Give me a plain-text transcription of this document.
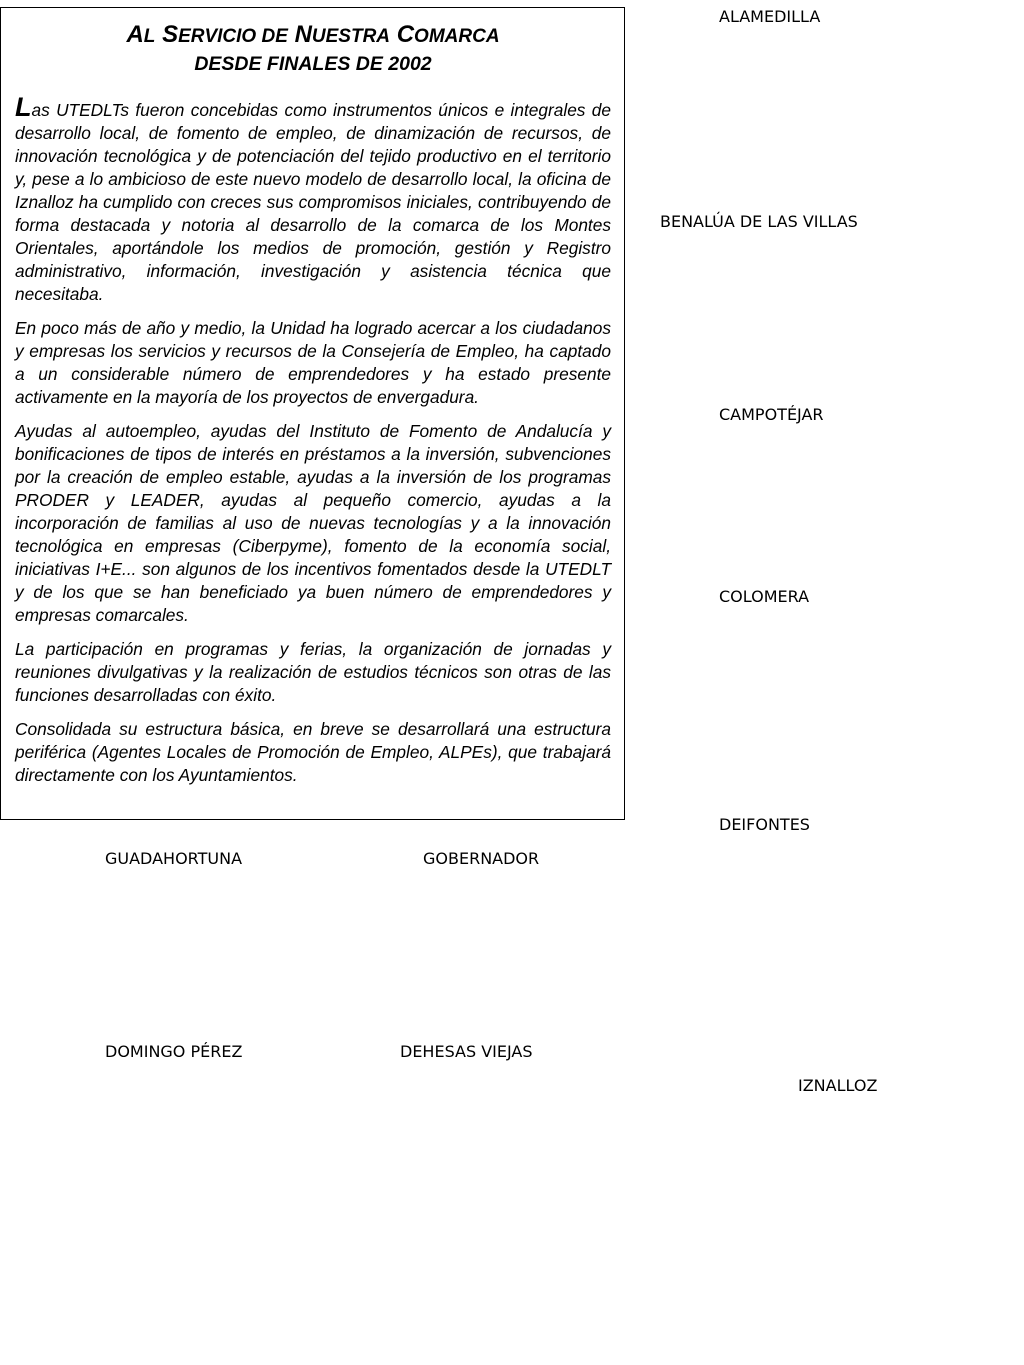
AL SERVICIO DE NUESTRA COMARCA
DESDE FINALES DE 2002

Las UTEDLTs fueron concebidas como instrumentos únicos e integrales de desarrollo local, de fomento de empleo, de dinamización de recursos, de innovación tecnológica y de potenciación del tejido productivo en el territorio y, pese a lo ambicioso de este nuevo modelo de desarrollo local, la oficina de Iznalloz ha cumplido con creces sus compromisos iniciales, contribuyendo de forma destacada y notoria al desarrollo de la comarca de los Montes Orientales, aportándole los medios de promoción, gestión y Registro administrativo, información, investigación y asistencia técnica que necesitaba.

En poco más de año y medio, la Unidad ha logrado acercar a los ciudadanos y empresas los servicios y recursos de la Consejería de Empleo, ha captado a un considerable número de emprendedores y ha estado presente activamente en la mayoría de los proyectos de envergadura.

Ayudas al autoempleo, ayudas del Instituto de Fomento de Andalucía y bonificaciones de tipos de interés en préstamos a la inversión, subvenciones por la creación de empleo estable, ayudas a la inversión de los programas PRODER y LEADER, ayudas al pequeño comercio, ayudas a la incorporación de familias al uso de nuevas tecnologías y a la innovación tecnológica en empresas (Ciberpyme), fomento de la economía social, iniciativas I+E... son algunos de los incentivos fomentados desde la UTEDLT y de los que se han beneficiado ya buen número de emprendedores y empresas comarcales.

La participación en programas y ferias, la organización de jornadas y reuniones divulgativas y la realización de estudios técnicos son otras de las funciones desarrolladas con éxito.

Consolidada su estructura básica, en breve se desarrollará una estructura periférica (Agentes Locales de Promoción de Empleo, ALPEs), que trabajará directamente con los Ayuntamientos.

ALAMEDILLA
BENALÚA DE LAS VILLAS
CAMPOTÉJAR
COLOMERA
DEIFONTES
GUADAHORTUNA	GOBERNADOR
DOMINGO PÉREZ	DEHESAS VIEJAS
IZNALLOZ
